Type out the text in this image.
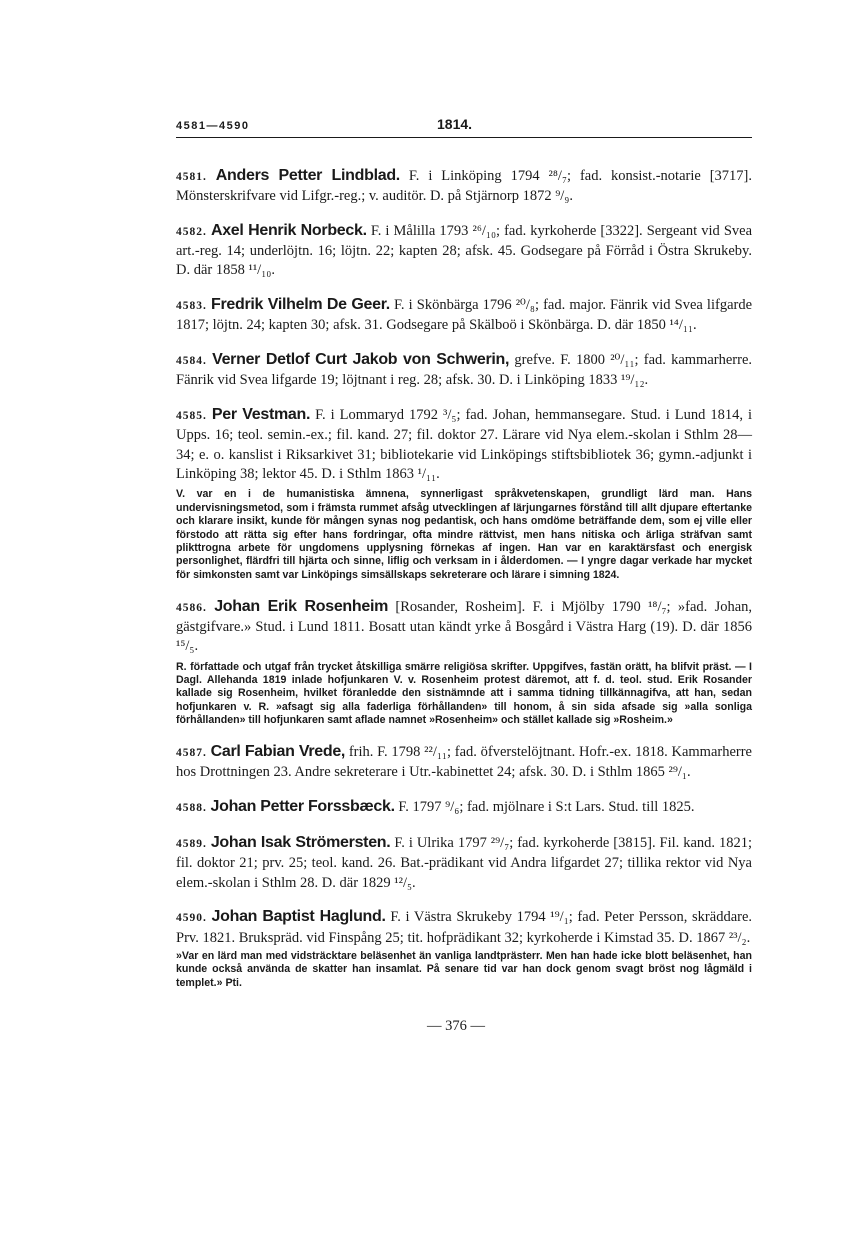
4581—4590	1814.

4581. Anders Petter Lindblad. F. i Linköping 1794 ²⁸/₇; fad. konsist.-notarie [3717]. Mönsterskrifvare vid Lifgr.-reg.; v. auditör. D. på Stjärnorp 1872 ⁹/₉.

4582. Axel Henrik Norbeck. F. i Målilla 1793 ²⁶/₁₀; fad. kyrkoherde [3322]. Sergeant vid Svea art.-reg. 14; underlöjtn. 16; löjtn. 22; kapten 28; afsk. 45. Godsegare på Förråd i Östra Skrukeby. D. där 1858 ¹¹/₁₀.

4583. Fredrik Vilhelm De Geer. F. i Skönbärga 1796 ²⁰/₈; fad. major. Fänrik vid Svea lifgarde 1817; löjtn. 24; kapten 30; afsk. 31. Godsegare på Skälboö i Skönbärga. D. där 1850 ¹⁴/₁₁.

4584. Verner Detlof Curt Jakob von Schwerin, grefve. F. 1800 ²⁰/₁₁; fad. kammarherre. Fänrik vid Svea lifgarde 19; löjtnant i reg. 28; afsk. 30. D. i Linköping 1833 ¹⁹/₁₂.

4585. Per Vestman. F. i Lommaryd 1792 ³/₅; fad. Johan, hemmansegare. Stud. i Lund 1814, i Upps. 16; teol. semin.-ex.; fil. kand. 27; fil. doktor 27. Lärare vid Nya elem.-skolan i Sthlm 28—34; e. o. kanslist i Riksarkivet 31; bibliotekarie vid Linköpings stiftsbibliotek 36; gymn.-adjunkt i Linköping 38; lektor 45. D. i Sthlm 1863 ¹/₁₁.

V. var en i de humanistiska ämnena, synnerligast språkvetenskapen, grundligt lärd man. Hans undervisningsmetod, som i främsta rummet afsåg utvecklingen af lärjungarnes förstånd till allt djupare eftertanke och klarare insikt, kunde för mången synas nog pedantisk, och hans omdöme beträffande dem, som ej ville eller förstodo att rätta sig efter hans fordringar, ofta mindre rättvist, men hans nitiska och ärliga sträfvan samt plikttrogna arbete för ungdomens upplysning förnekas af ingen. Han var en karaktärsfast och energisk personlighet, flärdfri till hjärta och sinne, liflig och verksam in i ålderdomen. — I yngre dagar verkade har mycket för simkonsten samt var Linköpings simsällskaps sekreterare och lärare i simning 1824.

4586. Johan Erik Rosenheim [Rosander, Rosheim]. F. i Mjölby 1790 ¹⁸/₇; »fad. Johan, gästgifvare.» Stud. i Lund 1811. Bosatt utan kändt yrke å Bosgård i Västra Harg (19). D. där 1856 ¹⁵/₅.

R. författade och utgaf från trycket åtskilliga smärre religiösa skrifter. Uppgifves, fastän orätt, ha blifvit präst. — I Dagl. Allehanda 1819 inlade hofjunkaren V. v. Rosenheim protest däremot, att f. d. teol. stud. Erik Rosander kallade sig Rosenheim, hvilket föranledde den sistnämnde att i samma tidning tillkännagifva, att han, sedan hofjunkaren v. R. »afsagt sig alla faderliga förhållanden» till honom, å sin sida afsade sig »alla sonliga förhållanden» till hofjunkaren samt aflade namnet »Rosenheim» och stället kallade sig »Rosheim.»

4587. Carl Fabian Vrede, frih. F. 1798 ²²/₁₁; fad. öfverstelöjtnant. Hofr.-ex. 1818. Kammarherre hos Drottningen 23. Andre sekreterare i Utr.-kabinettet 24; afsk. 30. D. i Sthlm 1865 ²⁹/₁.

4588. Johan Petter Forssbæck. F. 1797 ⁹/₆; fad. mjölnare i S:t Lars. Stud. till 1825.

4589. Johan Isak Strömersten. F. i Ulrika 1797 ²⁹/₇; fad. kyrkoherde [3815]. Fil. kand. 1821; fil. doktor 21; prv. 25; teol. kand. 26. Bat.-prädikant vid Andra lifgardet 27; tillika rektor vid Nya elem.-skolan i Sthlm 28. D. där 1829 ¹²/₅.

4590. Johan Baptist Haglund. F. i Västra Skrukeby 1794 ¹⁹/₁; fad. Peter Persson, skräddare. Prv. 1821. Brukspräd. vid Finspång 25; tit. hofprädikant 32; kyrkoherde i Kimstad 35. D. 1867 ²³/₂.

»Var en lärd man med vidsträcktare beläsenhet än vanliga landtprästerr. Men han hade icke blott beläsenhet, han kunde också använda de skatter han insamlat. På senare tid var han dock genom svagt bröst nog lågmäld i templet.» Pti.

— 376 —
